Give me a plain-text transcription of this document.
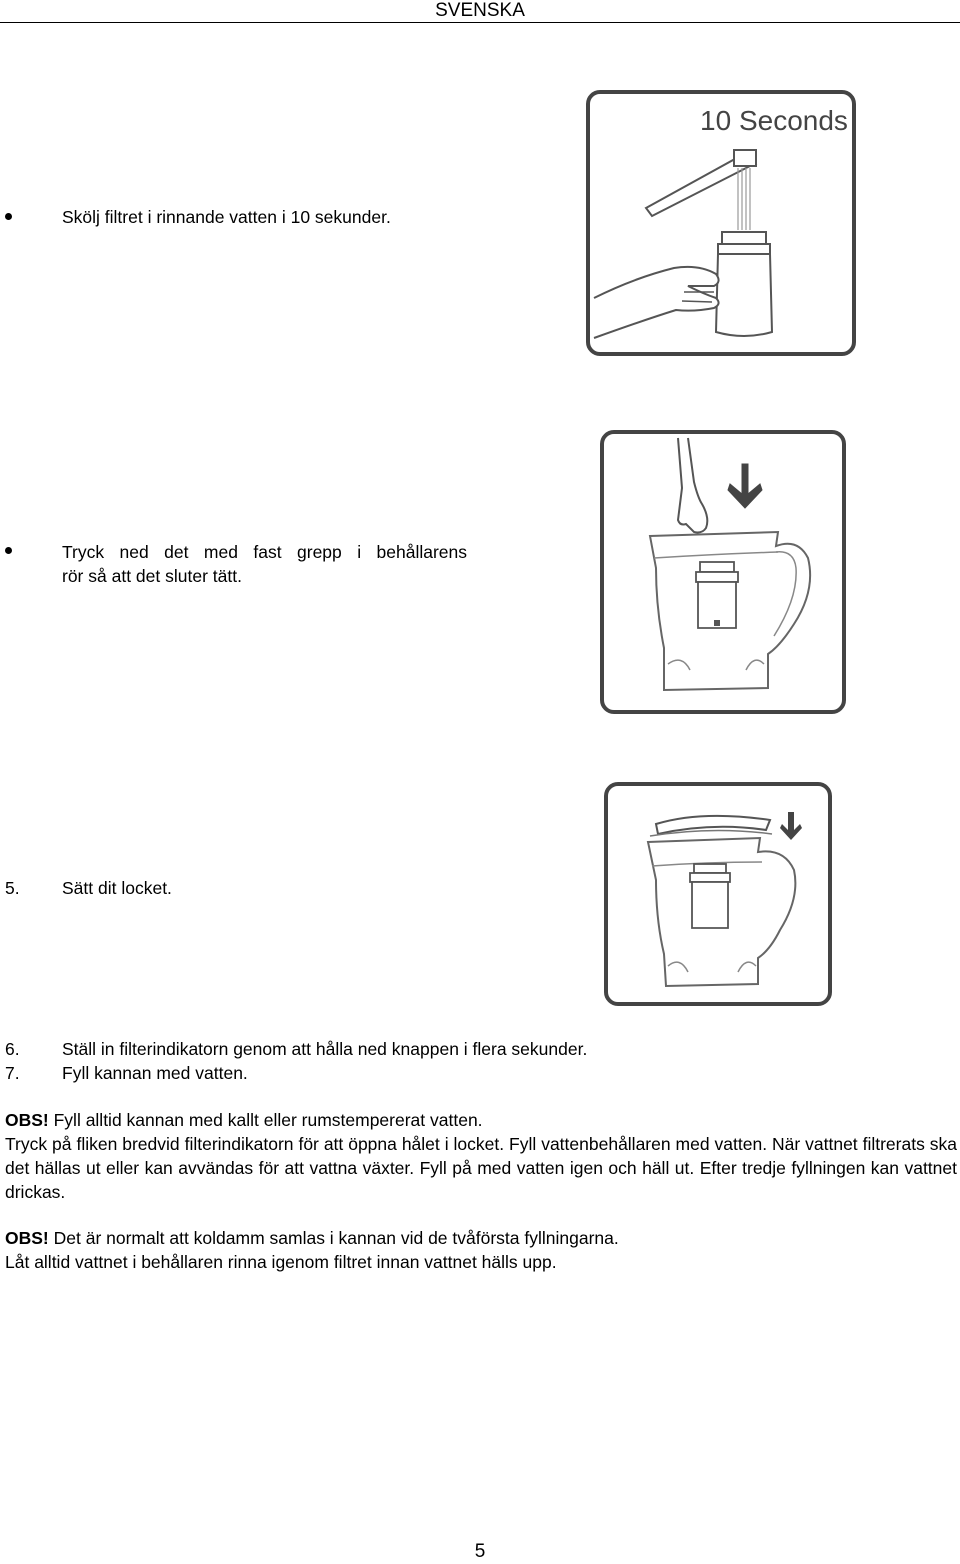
SVENSKA
10 Seconds
Skölj filtret i rinnande vatten i 10 sekunder.
Tryck ned det med fast grepp i behållarens
rör så att det sluter tätt.
5. Sätt dit locket.
6. Ställ in filterindikatorn genom att hålla ned knappen i flera sekunder.
7. Fyll kannan med vatten.

OBS! Fyll alltid kannan med kallt eller rumstempererat vatten.

Tryck på fliken bredvid filterindikatorn för att öppna hålet i locket. Fyll vattenbehållaren med vatten. När vattnet filtrerats ska det hällas ut eller kan avvändas för att vattna växter. Fyll på med vatten igen och häll ut. Efter tredje fyllningen kan vattnet drickas.

OBS! Det är normalt att koldamm samlas i kannan vid de tvåförsta fyllningarna.

Låt alltid vattnet i behållaren rinna igenom filtret innan vattnet hälls upp.

5
